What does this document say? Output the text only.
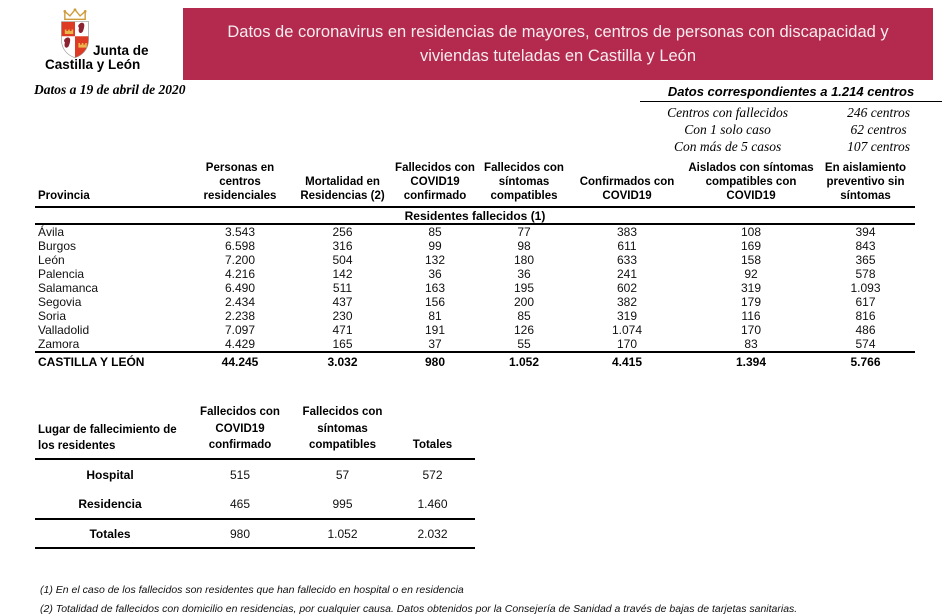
Junta de
Castilla y León
Datos a 19 de abril de 2020
Datos de coronavirus en residencias de mayores, centros de personas con discapacidad y viviendas tuteladas en Castilla y León
Datos correspondientes a 1.214 centros
Centros con fallecidos	246 centros
Con 1 solo caso	62 centros
Con más de 5 casos	107 centros
Provincia	Personas en centros residenciales	Mortalidad en Residencias (2)	Fallecidos con COVID19 confirmado	Fallecidos con síntomas compatibles	Confirmados con COVID19	Aislados con síntomas compatibles con COVID19	En aislamiento preventivo sin síntomas
Residentes fallecidos (1)							
Ávila	3.543	256	85	77	383	108	394
Burgos	6.598	316	99	98	611	169	843
León	7.200	504	132	180	633	158	365
Palencia	4.216	142	36	36	241	92	578
Salamanca	6.490	511	163	195	602	319	1.093
Segovia	2.434	437	156	200	382	179	617
Soria	2.238	230	81	85	319	116	816
Valladolid	7.097	471	191	126	1.074	170	486
Zamora	4.429	165	37	55	170	83	574
CASTILLA Y LEÓN	44.245	3.032	980	1.052	4.415	1.394	5.766
Lugar de fallecimiento de los residentes	Fallecidos con COVID19 confirmado	Fallecidos con síntomas compatibles	Totales
Hospital	515	57	572
Residencia	465	995	1.460
Totales	980	1.052	2.032
(1) En el caso de los fallecidos son residentes que han fallecido en hospital o en residencia
(2) Totalidad de fallecidos con domicilio en residencias, por cualquier causa. Datos obtenidos por la Consejería de Sanidad a través de bajas de tarjetas sanitarias.
